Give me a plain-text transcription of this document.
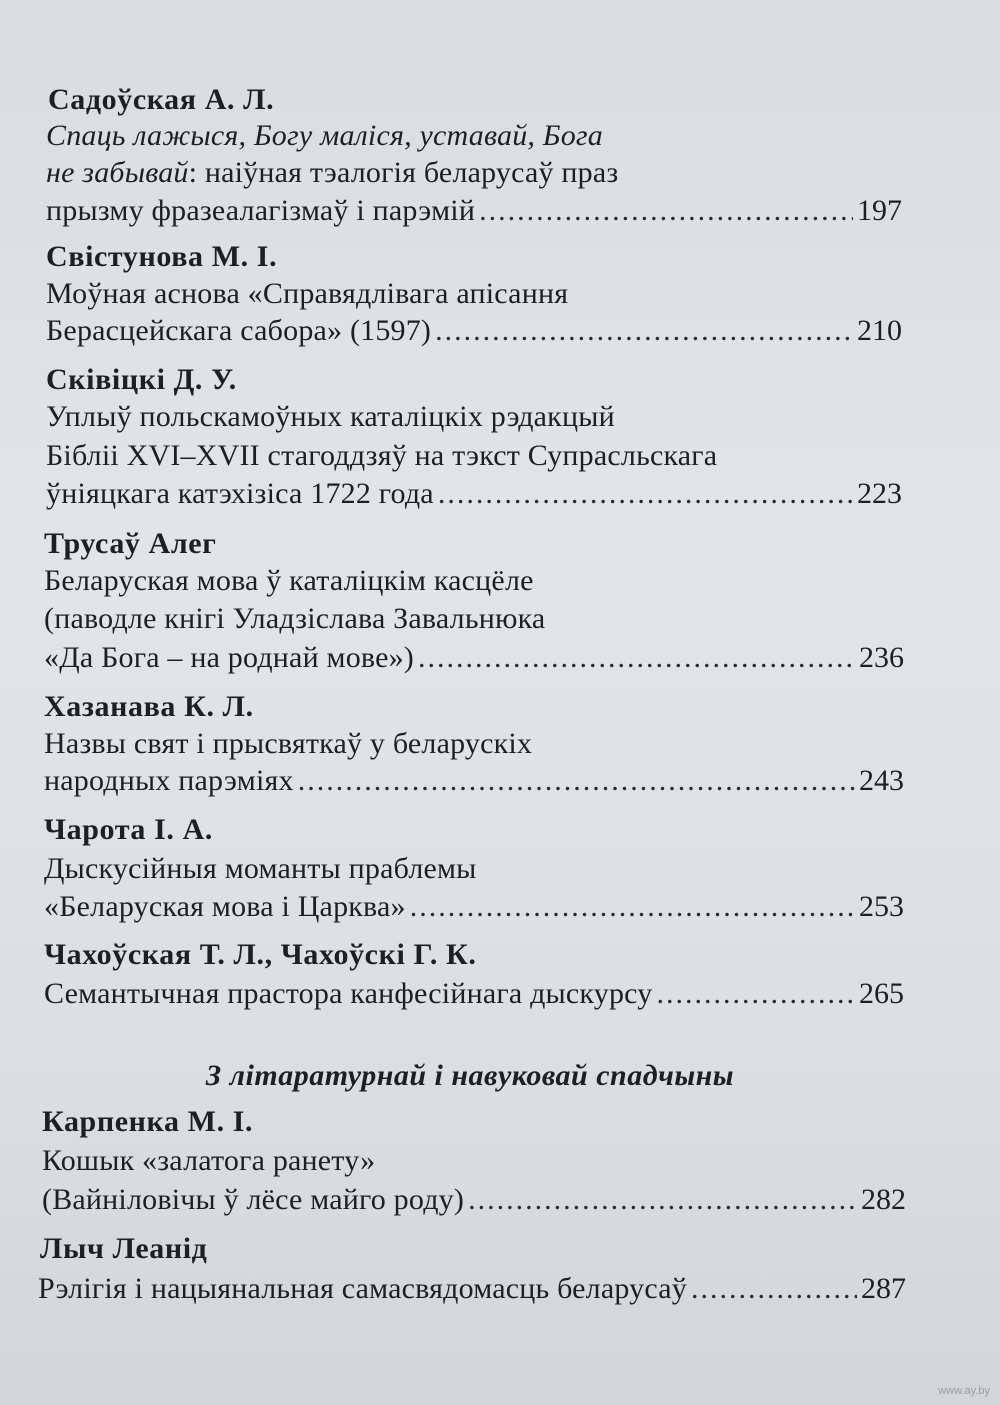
Садоўская А. Л.
Спаць лажыся, Богу маліся, уставай, Бога
не забывай: наіўная тэалогія беларусаў праз
прызму фразеалагізмаў і парэмій .....	197
Свістунова М. І.
Моўная аснова «Справядлівага апісання
Берасцейскага сабора» (1597) .....	210
Сківіцкі Д. У.
Уплыў польскамоўных каталіцкіх рэдакцый
Бібліі XVI–XVII стагоддзяў на тэкст Супрасльскага
ўніяцкага катэхізіса 1722 года .....	223
Трусаў Алег
Беларуская мова ў каталіцкім касцёле
(паводле кнігі Уладзіслава Завальнюка
«Да Бога – на роднай мове») .....	236
Хазанава К. Л.
Назвы свят і прысвяткаў у беларускіх
народных парэміях .....	243
Чарота І. А.
Дыскусійныя моманты праблемы
«Беларуская мова і Царква» .....	253
Чахоўская Т. Л., Чахоўскі Г. К.
Семантычная прастора канфесійнага дыскурсу .....	265
З літаратурнай і навуковай спадчыны
Карпенка М. І.
Кошык «залатога ранету»
(Вайніловічы ў лёсе майго роду) .....	282
Лыч Леанід
Рэлігія і нацыянальная самасвядомасць беларусаў .....	287
www.ay.by
